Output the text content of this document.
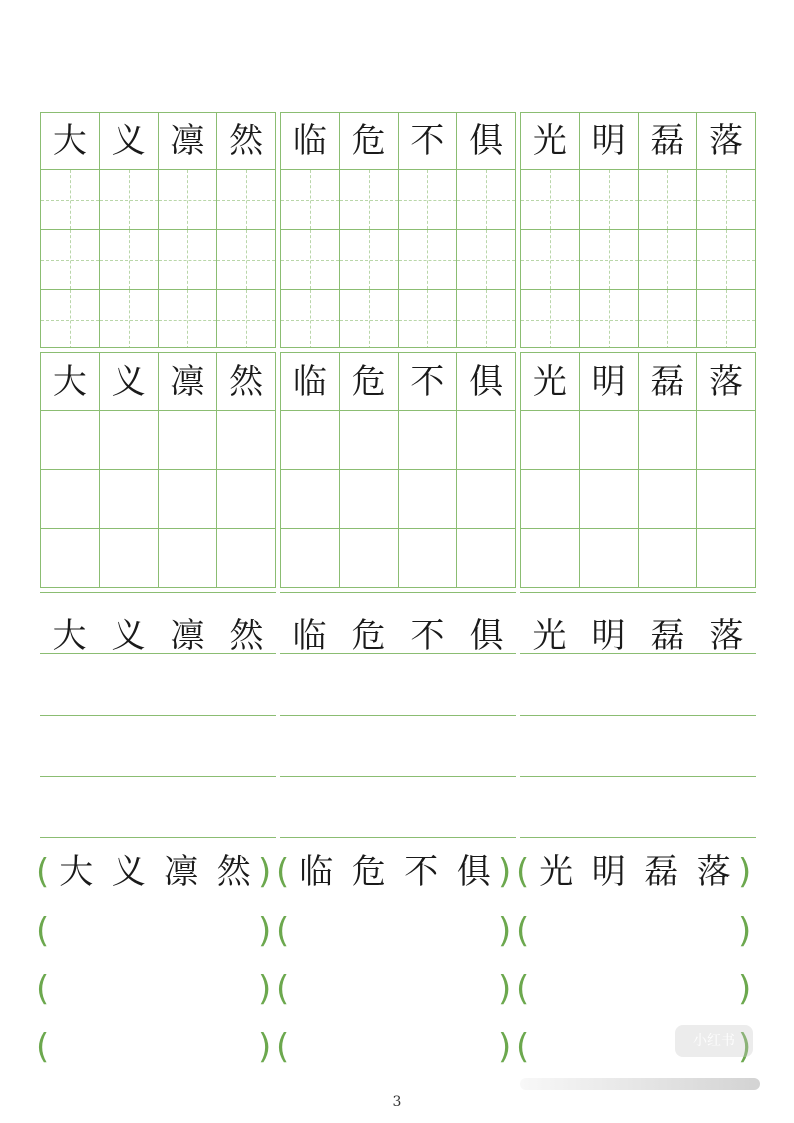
大 义 凛 然 临 危 不 俱 光 明 磊 落
大 义 凛 然 临 危 不 俱 光 明 磊 落
大 义 凛 然 临 危 不 俱 光 明 磊 落
( 大 义 凛 然 ) ( 临 危 不 俱 ) ( 光 明 磊 落 )
(	) (	) (	)
(	) (	) (	)
(	) (	) (	)
小红书
3
